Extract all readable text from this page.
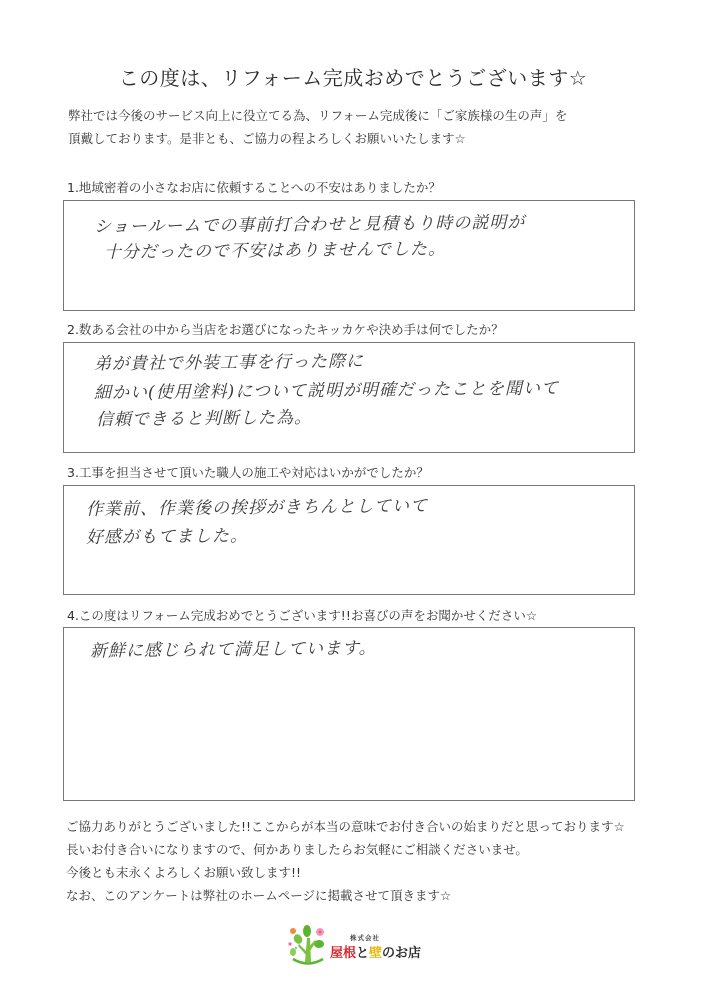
この度は、リフォーム完成おめでとうございます☆
弊社では今後のサービス向上に役立てる為、リフォーム完成後に「ご家族様の生の声」を
頂戴しております。是非とも、ご協力の程よろしくお願いいたします☆
1.地域密着の小さなお店に依頼することへの不安はありましたか？
ショールームでの事前打合わせと見積もり時の説明が
十分だったので不安はありませんでした。
2.数ある会社の中から当店をお選びになったキッカケや決め手は何でしたか？
弟が貴社で外装工事を行った際に
細かい(使用塗料)について説明が明確だったことを聞いて
信頼できると判断した為。
3.工事を担当させて頂いた職人の施工や対応はいかがでしたか？
作業前、作業後の挨拶がきちんとしていて
好感がもてました。
4.この度はリフォーム完成おめでとうございます!!お喜びの声をお聞かせください☆
新鮮に感じられて満足しています。
ご協力ありがとうございました!!ここからが本当の意味でお付き合いの始まりだと思っております☆
長いお付き合いになりますので、何かありましたらお気軽にご相談くださいませ。
今後とも末永くよろしくお願い致します!!
なお、このアンケートは弊社のホームページに掲載させて頂きます☆
株式会社
屋根と壁のお店
